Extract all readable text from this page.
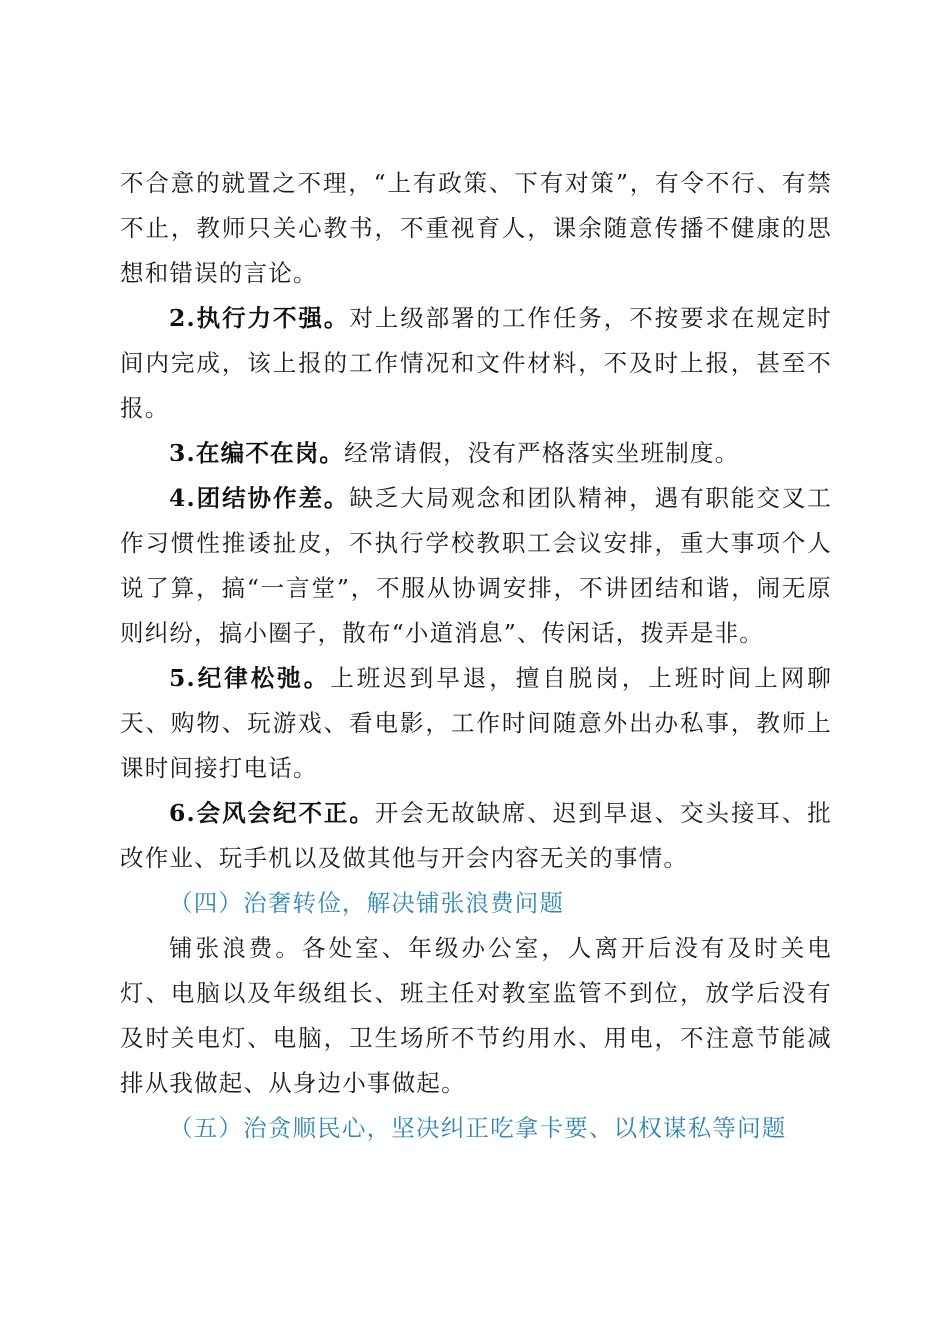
不合意的就置之不理，“上有政策、下有对策”，有令不行、有禁不止，教师只关心教书，不重视育人，课余随意传播不健康的思想和错误的言论。

2.执行力不强。对上级部署的工作任务，不按要求在规定时间内完成，该上报的工作情况和文件材料，不及时上报，甚至不报。

3.在编不在岗。经常请假，没有严格落实坐班制度。

4.团结协作差。缺乏大局观念和团队精神，遇有职能交叉工作习惯性推诿扯皮，不执行学校教职工会议安排，重大事项个人说了算，搞“一言堂”，不服从协调安排，不讲团结和谐，闹无原则纠纷，搞小圈子，散布“小道消息”、传闲话，拨弄是非。

5.纪律松弛。上班迟到早退，擅自脱岗，上班时间上网聊天、购物、玩游戏、看电影，工作时间随意外出办私事，教师上课时间接打电话。

6.会风会纪不正。开会无故缺席、迟到早退、交头接耳、批改作业、玩手机以及做其他与开会内容无关的事情。

（四）治奢转俭，解决铺张浪费问题

铺张浪费。各处室、年级办公室，人离开后没有及时关电灯、电脑以及年级组长、班主任对教室监管不到位，放学后没有及时关电灯、电脑，卫生场所不节约用水、用电，不注意节能减排从我做起、从身边小事做起。

（五）治贪顺民心，坚决纠正吃拿卡要、以权谋私等问题
